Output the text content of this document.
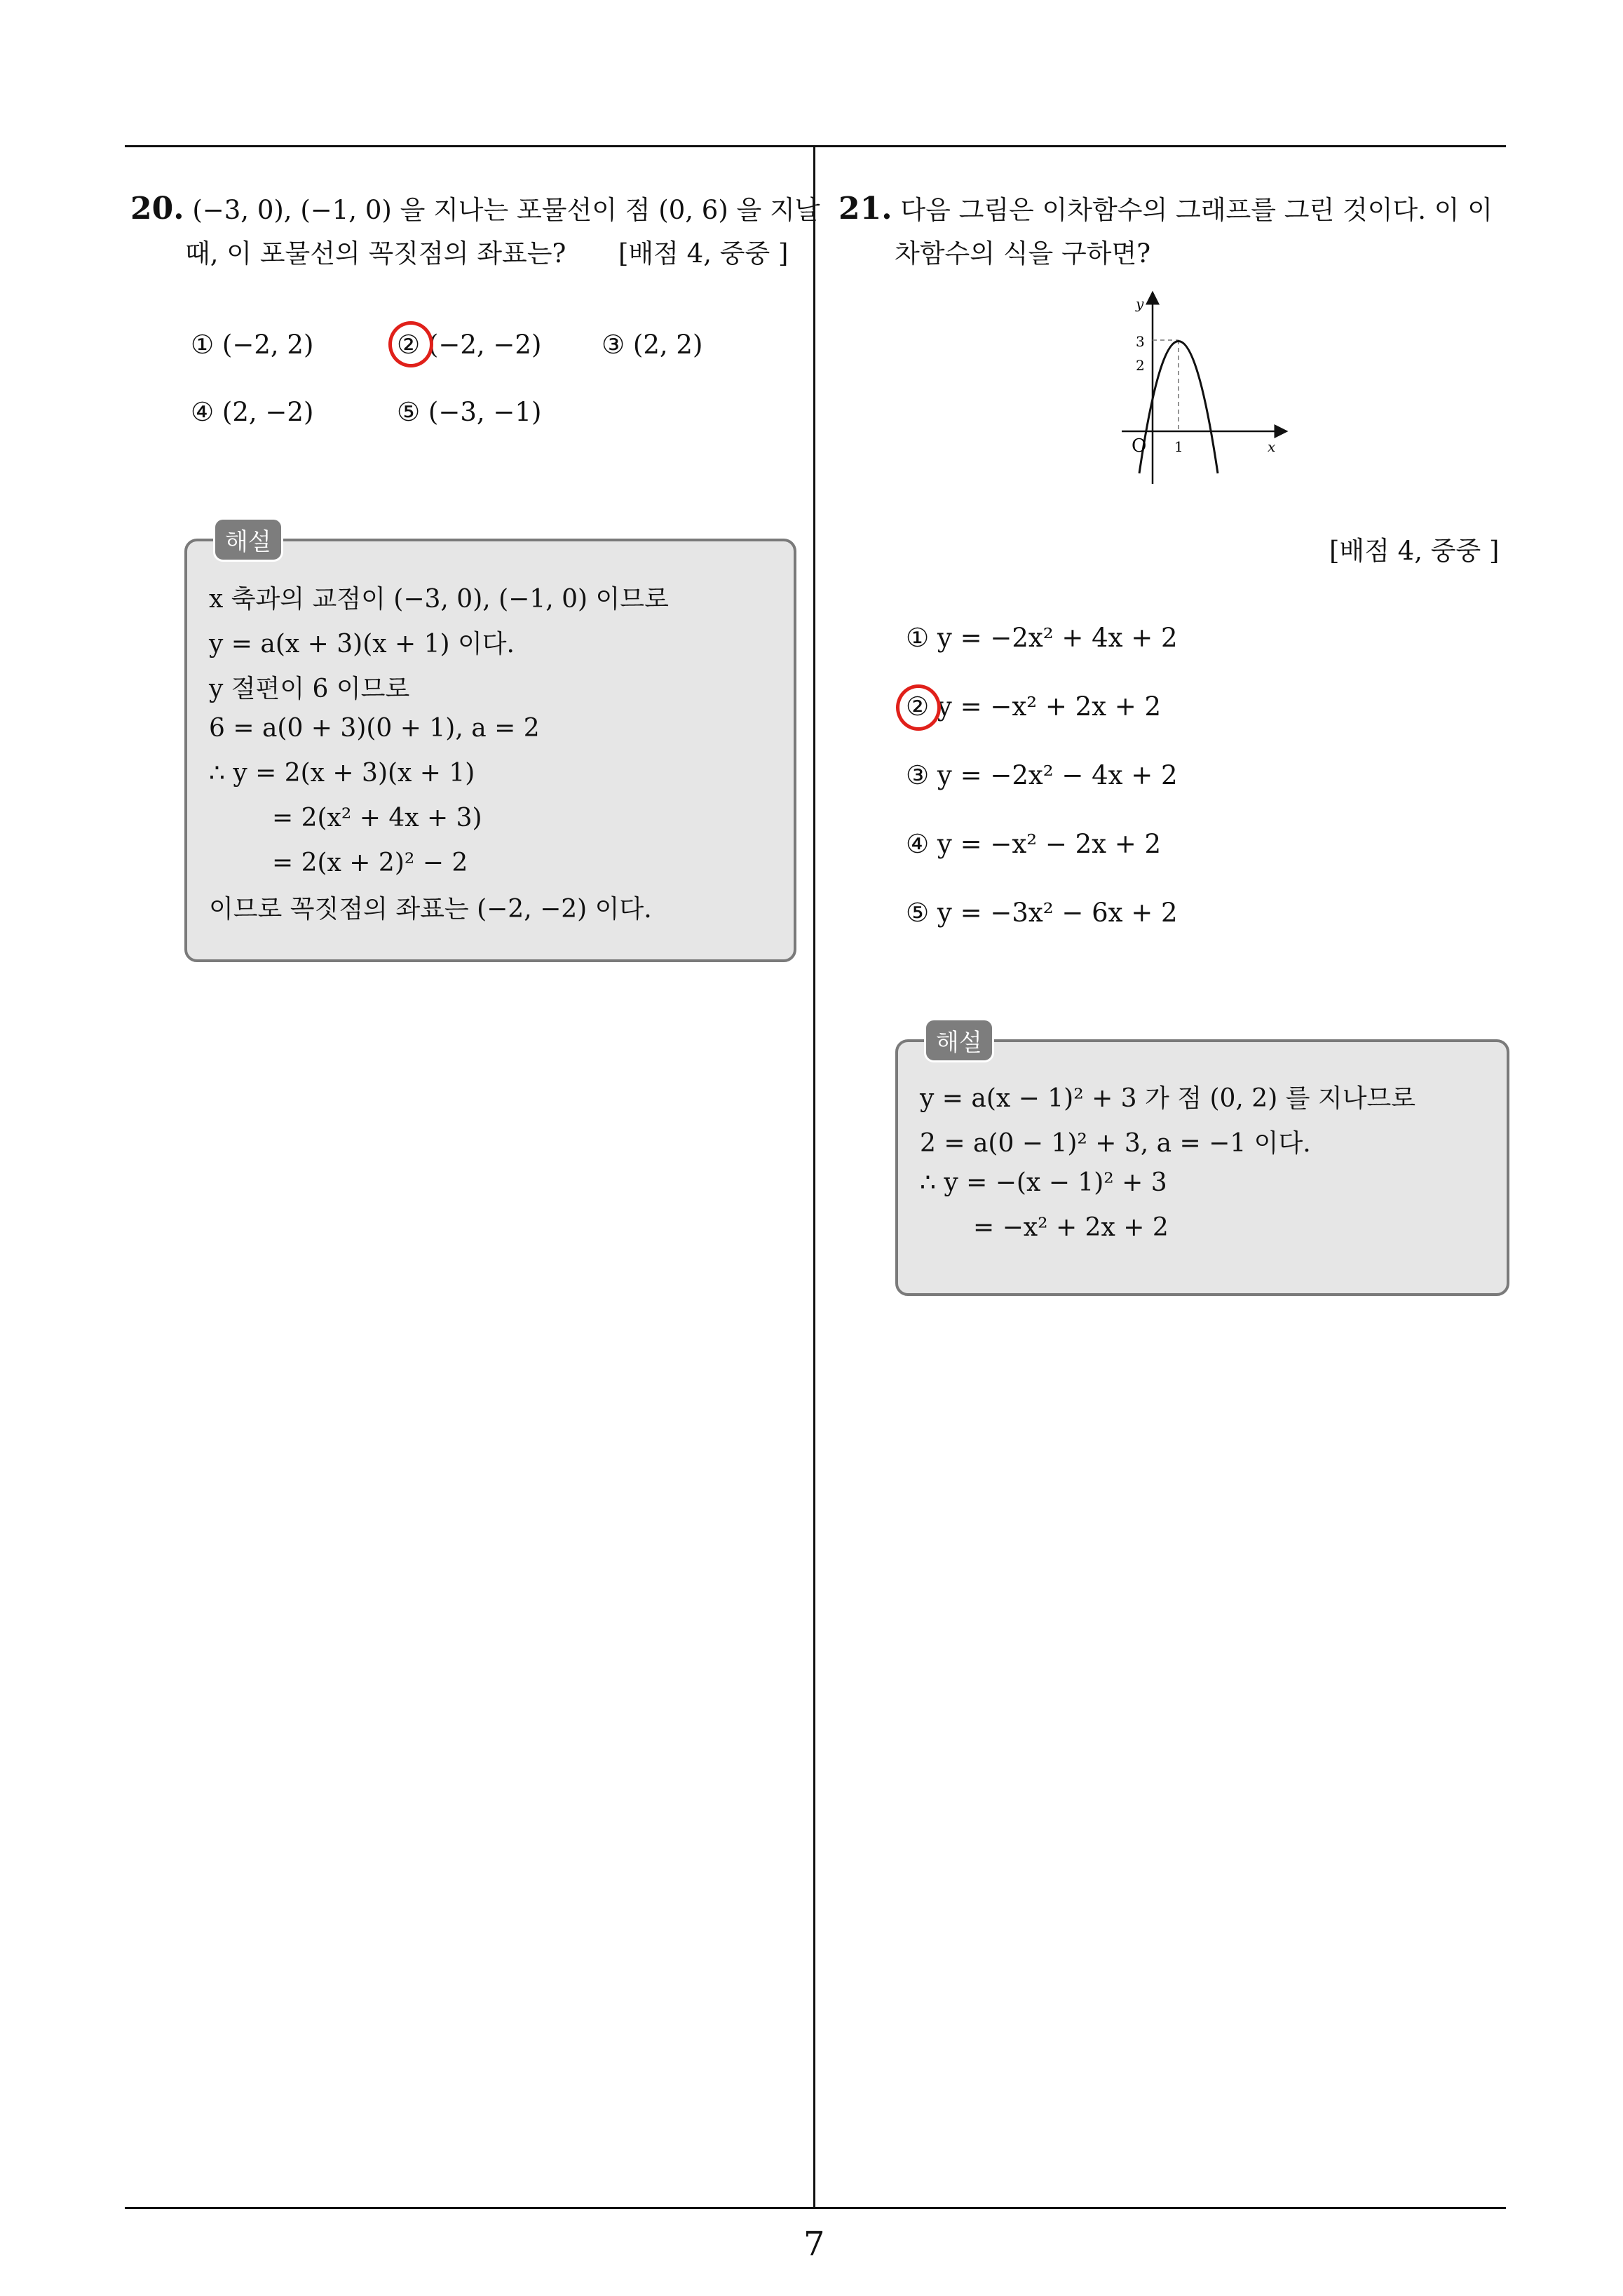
20. (−3, 0), (−1, 0) 을 지나는 포물선이 점 (0, 6) 을 지날
때, 이 포물선의 꼭짓점의 좌표는? [배점 4, 중중 ]
① (−2, 2)	② (−2, −2) ③ (2, 2)
④ (2, −2)	⑤ (−3, −1)
해설
x 축과의 교점이 (−3, 0), (−1, 0) 이므로
y = a(x + 3)(x + 1) 이다.
y 절편이 6 이므로
6 = a(0 + 3)(0 + 1), a = 2
∴ y = 2(x + 3)(x + 1)
= 2(x² + 4x + 3)
= 2(x + 2)² − 2
이므로 꼭짓점의 좌표는 (−2, −2) 이다.
21. 다음 그림은 이차함수의 그래프를 그린 것이다. 이 이
차함수의 식을 구하면?
y
x
O
3
2
1
[배점 4, 중중 ]
① y = −2x² + 4x + 2
② y = −x² + 2x + 2
③ y = −2x² − 4x + 2
④ y = −x² − 2x + 2
⑤ y = −3x² − 6x + 2
해설
y = a(x − 1)² + 3 가 점 (0, 2) 를 지나므로
2 = a(0 − 1)² + 3, a = −1 이다.
∴ y = −(x − 1)² + 3
= −x² + 2x + 2
7
